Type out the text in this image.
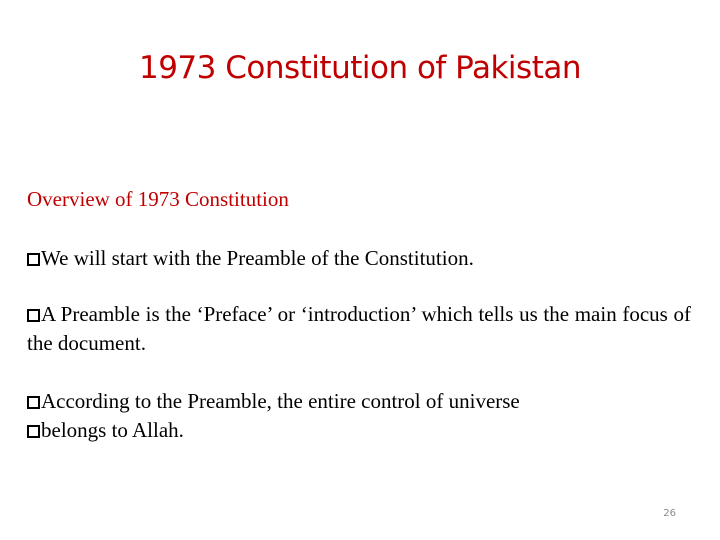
1973 Constitution of Pakistan
Overview of 1973 Constitution

We will start with the Preamble of the Constitution.

A Preamble is the ‘Preface’ or ‘introduction’ which tells us the main focus of the document.

According to the Preamble, the entire control of universe

belongs to Allah.

26
